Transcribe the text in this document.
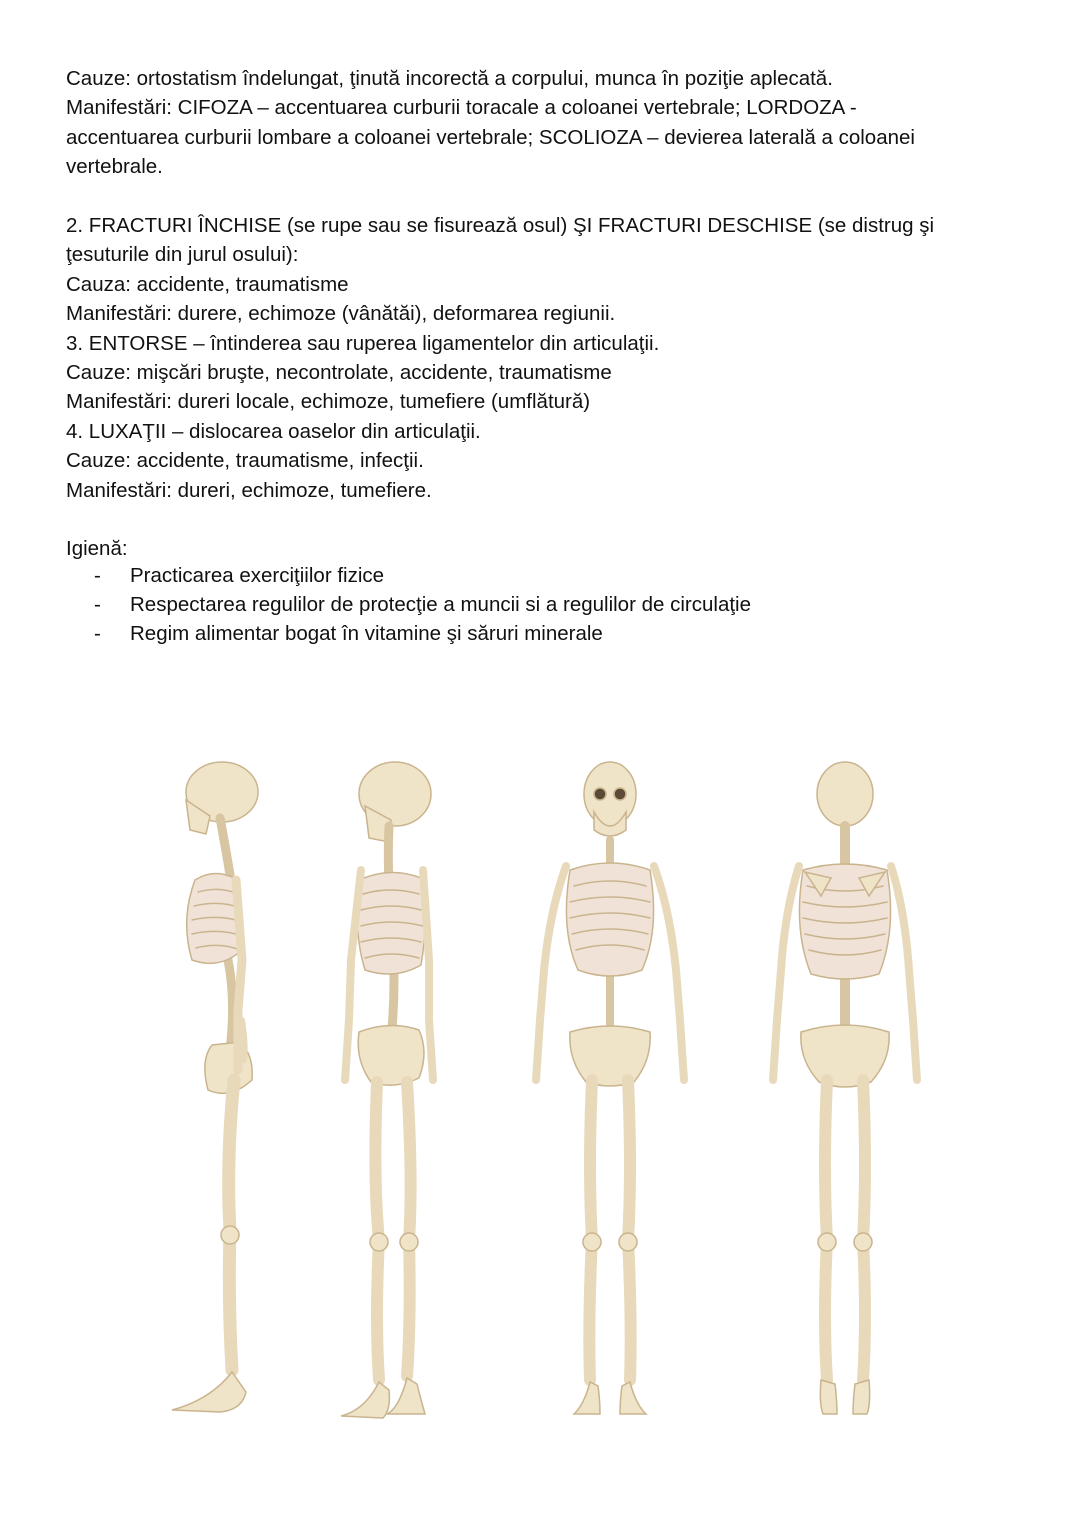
Cauze: ortostatism îndelungat, ţinută incorectă a corpului, munca în poziţie aplecată.
Manifestări: CIFOZA – accentuarea curburii toracale a coloanei vertebrale; LORDOZA -
accentuarea curburii lombare a coloanei vertebrale; SCOLIOZA – devierea laterală a coloanei
vertebrale.
2. FRACTURI ÎNCHISE (se rupe sau se fisurează osul) ŞI FRACTURI DESCHISE (se distrug şi
ţesuturile din jurul osului):
Cauza: accidente, traumatisme
Manifestări: durere, echimoze (vânătăi), deformarea regiunii.
3. ENTORSE – întinderea sau ruperea ligamentelor din articulaţii.
Cauze: mişcări bruşte, necontrolate, accidente, traumatisme
Manifestări: dureri locale, echimoze, tumefiere (umflătură)
4. LUXAŢII – dislocarea oaselor din articulaţii.
Cauze: accidente, traumatisme, infecţii.
Manifestări: dureri, echimoze, tumefiere.
Igienă:
- Practicarea exerciţiilor fizice
- Respectarea regulilor de protecţie a muncii si a regulilor de circulaţie
- Regim alimentar bogat în vitamine şi săruri minerale
